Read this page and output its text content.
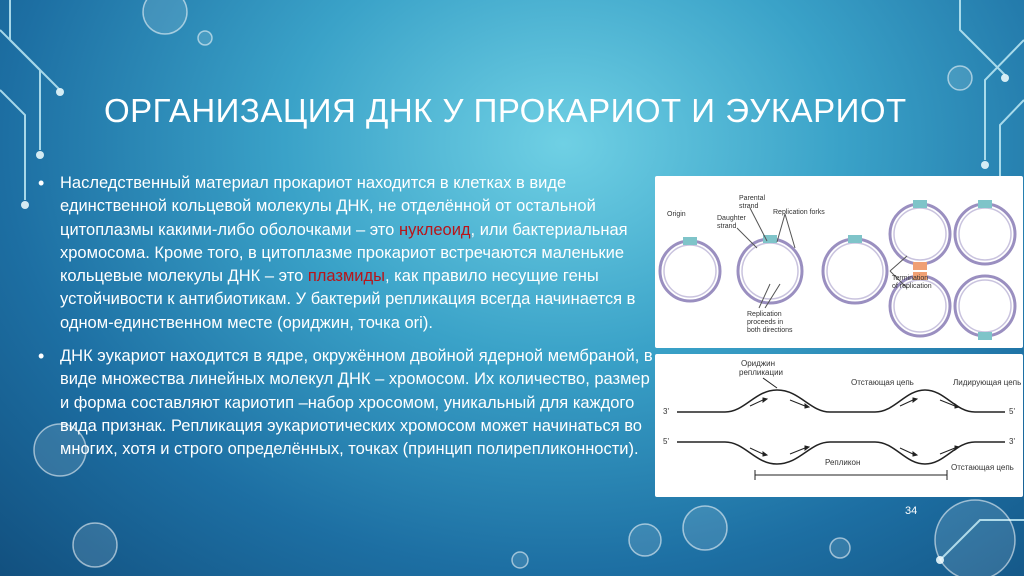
ОРГАНИЗАЦИЯ ДНК У ПРОКАРИОТ И ЭУКАРИОТ

• Наследственный материал прокариот находится в клетках в виде единственной кольцевой молекулы ДНК, не отделённой от остальной цитоплазмы какими-либо оболочками – это нуклеоид, или бактериальная хромосома. Кроме того, в цитоплазме прокариот встречаются маленькие кольцевые молекулы ДНК – это плазмиды, как правило несущие гены устойчивости к антибиотикам. У бактерий репликация всегда начинается в одном-единственном месте (ориджин, точка ori).

• ДНК эукариот находится в ядре, окружённом двойной ядерной мембраной, в виде множества линейных молекул ДНК – хромосом. Их количество, размер и форма составляют кариотип –набор хросомом, уникальный для каждого вида признак. Репликация эукариотических хромосом может начинаться во многих, хотя и строго определённых, точках (принцип полирепликонности).

Origin
Parental
strand
Daughter
strand
Replication forks
Replication
proceeds in
both directions
Termination
of replication
3'	5'
5'	3'
Ориджин
репликации
Отстающая цепь	Лидирующая цепь
Отстающая цепь
Репликон
34
